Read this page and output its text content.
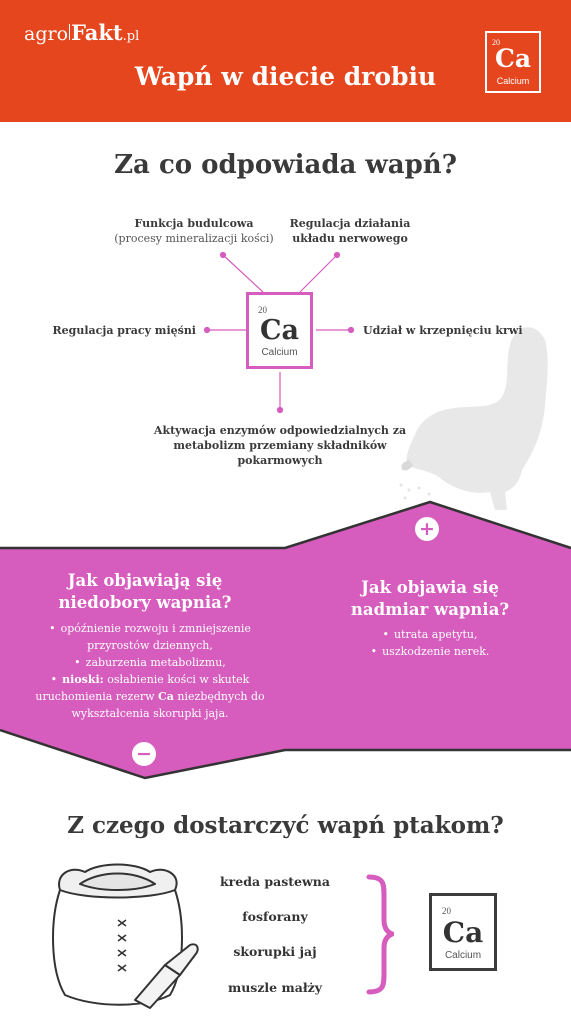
agro Fakt .pl
Wapń w diecie drobiu
20
Ca
Calcium
Za co odpowiada wapń?
20
Ca
Calcium
Funkcja budulcowa
(procesy mineralizacji kości)
Regulacja działania układu nerwowego
Regulacja pracy mięśni	Udział w krzepnięciu krwi
Aktywacja enzymów odpowiedzialnych za metabolizm przemiany składników pokarmowych
+
Jak objawiają się niedobory wapnia?
• opóźnienie rozwoju i zmniejszenie przyrostów dziennych,
• zaburzenia metabolizmu,
• nioski: osłabienie kości w skutek uruchomienia rezerw Ca niezbędnych do wykształcenia skorupki jaja.
Jak objawia się nadmiar wapnia?
• utrata apetytu,
• uszkodzenie nerek.
−
Z czego dostarczyć wapń ptakom?
kreda pastewna
fosforany
skorupki jaj
muszle małży
20
Ca
Calcium
